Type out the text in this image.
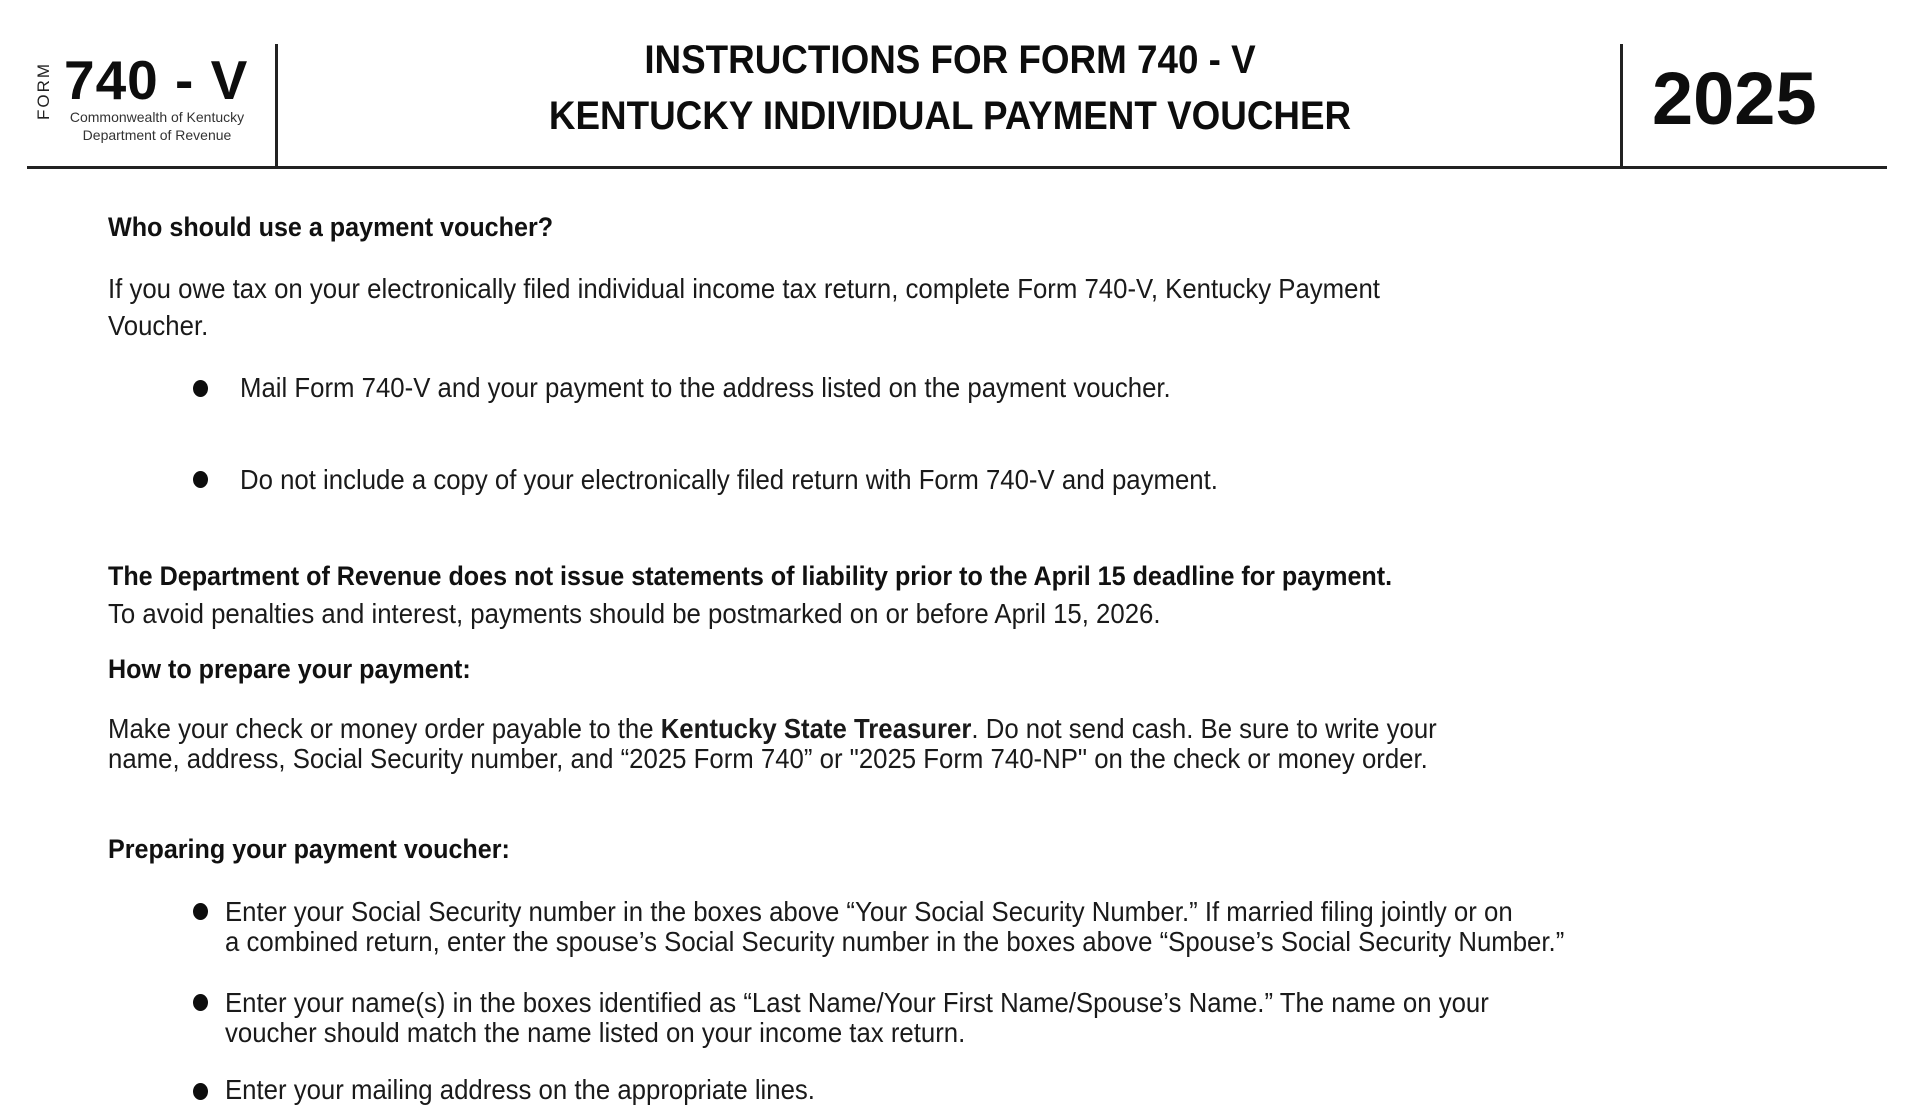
FORM 740 - V
Commonwealth of Kentucky
Department of Revenue
INSTRUCTIONS FOR FORM 740 - V
KENTUCKY INDIVIDUAL PAYMENT VOUCHER	2025
Who should use a payment voucher?
If you owe tax on your electronically filed individual income tax return, complete Form 740-V, Kentucky Payment
Voucher.
Mail Form 740-V and your payment to the address listed on the payment voucher.
Do not include a copy of your electronically filed return with Form 740-V and payment.
The Department of Revenue does not issue statements of liability prior to the April 15 deadline for payment.
To avoid penalties and interest, payments should be postmarked on or before April 15, 2026.
How to prepare your payment:
Make your check or money order payable to the Kentucky State Treasurer. Do not send cash. Be sure to write your
name, address, Social Security number, and “2025 Form 740” or "2025 Form 740-NP" on the check or money order.
Preparing your payment voucher:
Enter your Social Security number in the boxes above “Your Social Security Number.” If married filing jointly or on
a combined return, enter the spouse’s Social Security number in the boxes above “Spouse’s Social Security Number.”
Enter your name(s) in the boxes identified as “Last Name/Your First Name/Spouse’s Name.” The name on your
voucher should match the name listed on your income tax return.
Enter your mailing address on the appropriate lines.
